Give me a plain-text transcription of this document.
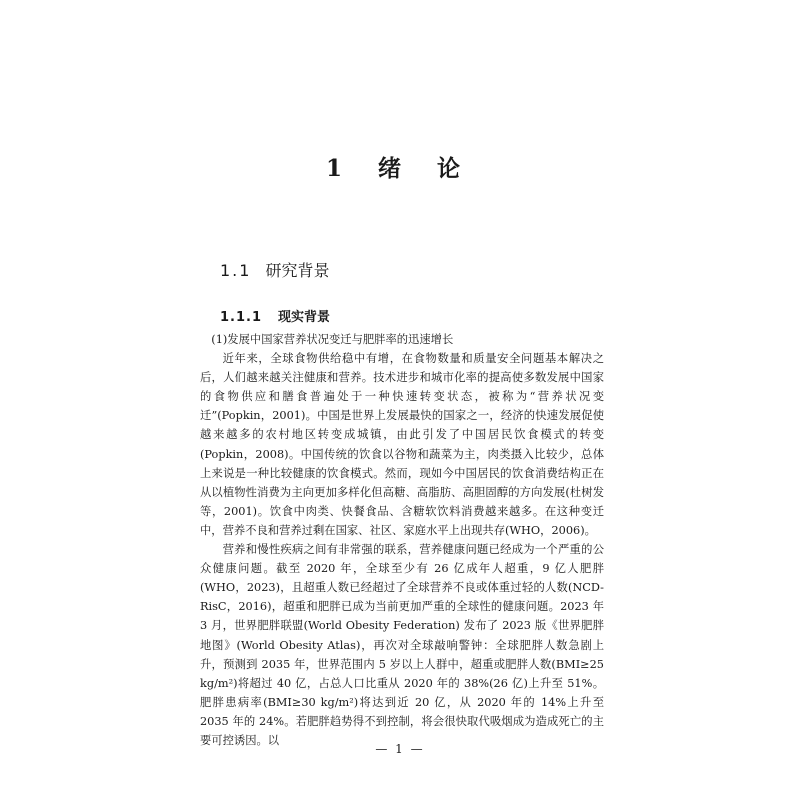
1 绪 论
1.1 研究背景
1.1.1 现实背景

(1)发展中国家营养状况变迁与肥胖率的迅速增长

近年来，全球食物供给稳中有增，在食物数量和质量安全问题基本解决之后，人们越来越关注健康和营养。技术进步和城市化率的提高使多数发展中国家的食物供应和膳食普遍处于一种快速转变状态，被称为“营养状况变迁”(Popkin，2001)。中国是世界上发展最快的国家之一，经济的快速发展促使越来越多的农村地区转变成城镇，由此引发了中国居民饮食模式的转变(Popkin，2008)。中国传统的饮食以谷物和蔬菜为主，肉类摄入比较少，总体上来说是一种比较健康的饮食模式。然而，现如今中国居民的饮食消费结构正在从以植物性消费为主向更加多样化但高糖、高脂肪、高胆固醇的方向发展(杜树发等，2001)。饮食中肉类、快餐食品、含糖软饮料消费越来越多。在这种变迁中，营养不良和营养过剩在国家、社区、家庭水平上出现共存(WHO，2006)。

营养和慢性疾病之间有非常强的联系，营养健康问题已经成为一个严重的公众健康问题。截至 2020 年，全球至少有 26 亿成年人超重，9 亿人肥胖(WHO，2023)，且超重人数已经超过了全球营养不良或体重过轻的人数(NCD-RisC，2016)，超重和肥胖已成为当前更加严重的全球性的健康问题。2023 年 3 月，世界肥胖联盟(World Obesity Federation) 发布了 2023 版《世界肥胖地图》(World Obesity Atlas)，再次对全球敲响警钟：全球肥胖人数急剧上升，预测到 2035 年，世界范围内 5 岁以上人群中，超重或肥胖人数(BMI≥25 kg/m²)将超过 40 亿，占总人口比重从 2020 年的 38%(26 亿)上升至 51%。肥胖患病率(BMI≥30 kg/m²)将达到近 20 亿，从 2020 年的 14%上升至 2035 年的 24%。若肥胖趋势得不到控制，将会很快取代吸烟成为造成死亡的主要可控诱因。以

— 1 —
